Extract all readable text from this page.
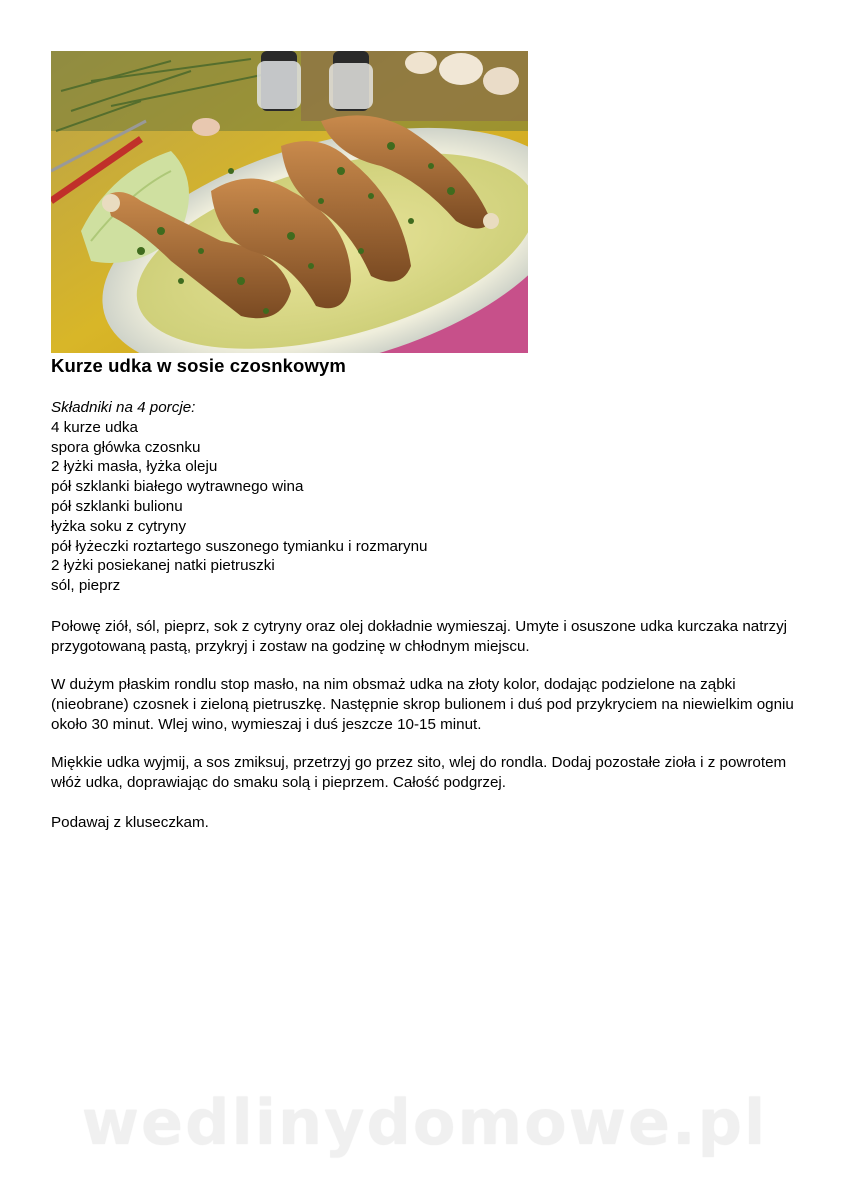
Kurze udka w sosie czosnkowym
Składniki na 4 porcje:
4 kurze udka
spora główka czosnku
2 łyżki masła, łyżka oleju
pół szklanki białego wytrawnego wina
pół szklanki bulionu
łyżka soku z cytryny
pół łyżeczki roztartego suszonego tymianku i rozmarynu
2 łyżki posiekanej natki pietruszki
sól, pieprz

Połowę ziół, sól, pieprz, sok z cytryny oraz olej dokładnie wymieszaj. Umyte i osuszone udka kurczaka natrzyj przygotowaną pastą, przykryj i zostaw na godzinę w chłodnym miejscu.

W dużym płaskim rondlu stop masło, na nim obsmaż udka na złoty kolor, dodając podzielone na ząbki (nieobrane) czosnek i zieloną pietruszkę. Następnie skrop bulionem i duś pod przykryciem na niewielkim ogniu około 30 minut. Wlej wino, wymieszaj i duś jeszcze 10-15 minut.

Miękkie udka wyjmij, a sos zmiksuj, przetrzyj go przez sito, wlej do rondla. Dodaj pozostałe zioła i z powrotem włóż udka, doprawiając do smaku solą i pieprzem. Całość podgrzej.

Podawaj z kluseczkam.

wedlinydomowe.pl
